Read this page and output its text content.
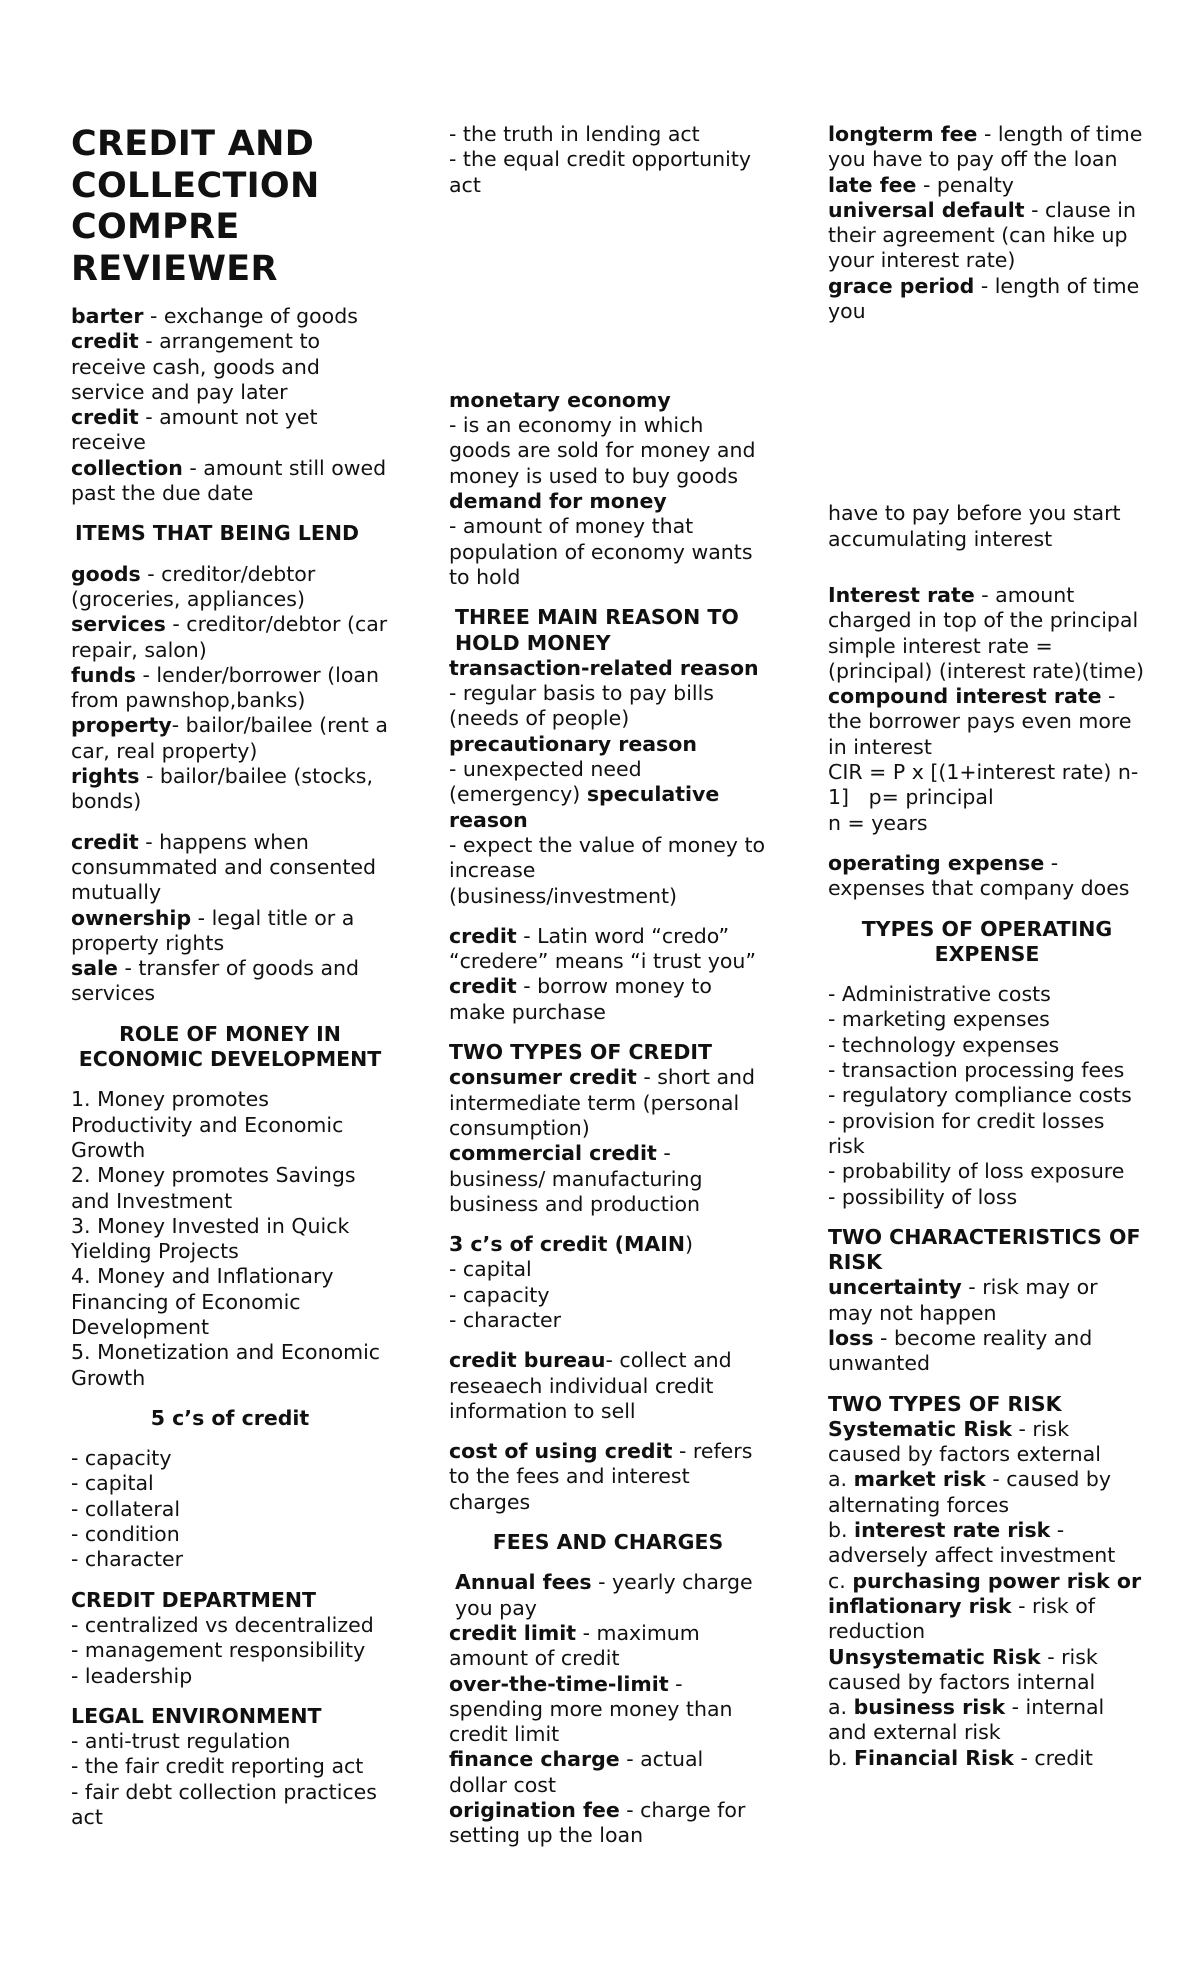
CREDIT AND COLLECTION COMPRE REVIEWER

barter - exchange of goods

credit - arrangement to receive cash, goods and service and pay later

credit - amount not yet receive

collection - amount still owed past the due date

ITEMS THAT BEING LEND

goods - creditor/debtor (groceries, appliances)

services - creditor/debtor (car repair, salon)

funds - lender/borrower (loan from pawnshop,banks)

property- bailor/bailee (rent a car, real property)

rights - bailor/bailee (stocks, bonds)

credit - happens when consummated and consented mutually

ownership - legal title or a property rights

sale - transfer of goods and services

ROLE OF MONEY IN ECONOMIC DEVELOPMENT

1. Money promotes Productivity and Economic Growth

2. Money promotes Savings and Investment

3. Money Invested in Quick Yielding Projects

4. Money and Inflationary Financing of Economic Development

5. Monetization and Economic Growth

5 c’s of credit

- capacity

- capital

- collateral

- condition

- character

CREDIT DEPARTMENT

- centralized vs decentralized

- management responsibility

- leadership

LEGAL ENVIRONMENT

- anti-trust regulation

- the fair credit reporting act

- fair debt collection practices act

- the truth in lending act

- the equal credit opportunity act

monetary economy

- is an economy in which goods are sold for money and money is used to buy goods

demand for money

- amount of money that population of economy wants to hold

THREE MAIN REASON TO HOLD MONEY

transaction-related reason

- regular basis to pay bills (needs of people)

precautionary reason

- unexpected need (emergency) speculative reason

- expect the value of money to increase (business/investment)

credit - Latin word “credo” “credere” means “i trust you” credit - borrow money to make purchase

TWO TYPES OF CREDIT

consumer credit - short and intermediate term (personal consumption)

commercial credit - business/ manufacturing business and production

3 c’s of credit (MAIN)

- capital

- capacity

- character

credit bureau- collect and reseaech individual credit information to sell

cost of using credit - refers to the fees and interest charges

FEES AND CHARGES

Annual fees - yearly charge you pay

credit limit - maximum amount of credit

over-the-time-limit - spending more money than credit limit

finance charge - actual dollar cost

origination fee - charge for setting up the loan

longterm fee - length of time you have to pay off the loan

late fee - penalty

universal default - clause in their agreement (can hike up your interest rate)

grace period - length of time you

have to pay before you start accumulating interest

Interest rate - amount charged in top of the principal

simple interest rate = (principal) (interest rate)(time)

compound interest rate - the borrower pays even more in interest

CIR = P x [(1+interest rate) n-1] p= principal

n = years

operating expense - expenses that company does

TYPES OF OPERATING EXPENSE

- Administrative costs

- marketing expenses

- technology expenses

- transaction processing fees

- regulatory compliance costs

- provision for credit losses risk

- probability of loss exposure

- possibility of loss

TWO CHARACTERISTICS OF RISK

uncertainty - risk may or may not happen

loss - become reality and unwanted

TWO TYPES OF RISK

Systematic Risk - risk caused by factors external

a. market risk - caused by alternating forces

b. interest rate risk - adversely affect investment

c. purchasing power risk or inflationary risk - risk of reduction

Unsystematic Risk - risk caused by factors internal

a. business risk - internal and external risk

b. Financial Risk - credit
